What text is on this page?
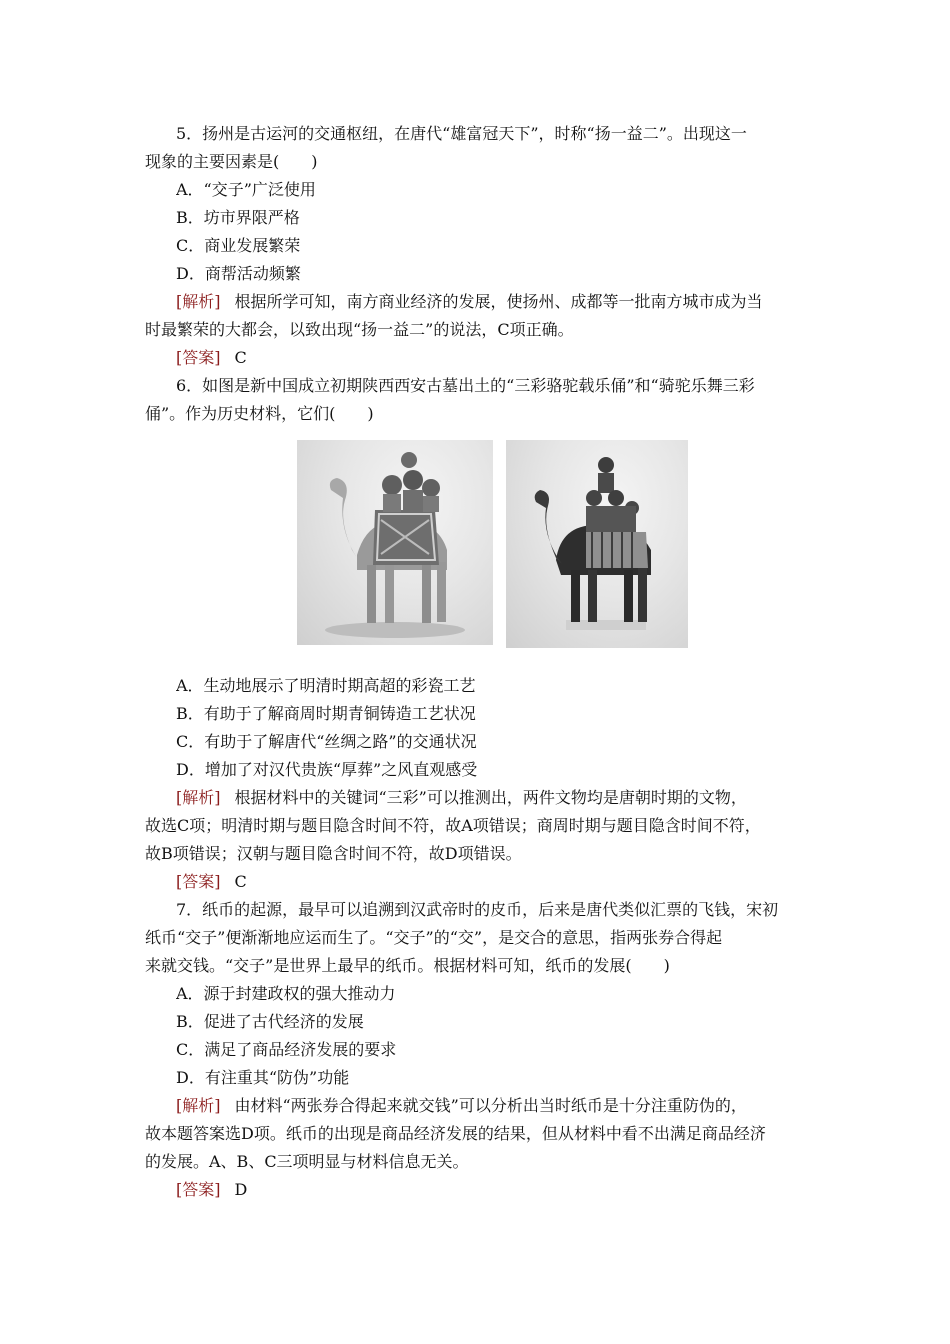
5．扬州是古运河的交通枢纽，在唐代“雄富冠天下”，时称“扬一益二”。出现这一
现象的主要因素是(　　)
A．“交子”广泛使用
B．坊市界限严格
C．商业发展繁荣
D．商帮活动频繁
[解析] 根据所学可知，南方商业经济的发展，使扬州、成都等一批南方城市成为当
时最繁荣的大都会，以致出现“扬一益二”的说法，C项正确。
[答案] C
6．如图是新中国成立初期陕西西安古墓出土的“三彩骆驼载乐俑”和“骑驼乐舞三彩
俑”。作为历史材料，它们(　　)
A．生动地展示了明清时期高超的彩瓷工艺
B．有助于了解商周时期青铜铸造工艺状况
C．有助于了解唐代“丝绸之路”的交通状况
D．增加了对汉代贵族“厚葬”之风直观感受
[解析] 根据材料中的关键词“三彩”可以推测出，两件文物均是唐朝时期的文物，
故选C项；明清时期与题目隐含时间不符，故A项错误；商周时期与题目隐含时间不符，
故B项错误；汉朝与题目隐含时间不符，故D项错误。
[答案] C
7．纸币的起源，最早可以追溯到汉武帝时的皮币，后来是唐代类似汇票的飞钱，宋初
纸币“交子”便渐渐地应运而生了。“交子”的“交”，是交合的意思，指两张券合得起
来就交钱。“交子”是世界上最早的纸币。根据材料可知，纸币的发展(　　)
A．源于封建政权的强大推动力
B．促进了古代经济的发展
C．满足了商品经济发展的要求
D．有注重其“防伪”功能
[解析] 由材料“两张券合得起来就交钱”可以分析出当时纸币是十分注重防伪的，
故本题答案选D项。纸币的出现是商品经济发展的结果，但从材料中看不出满足商品经济
的发展。A、B、C三项明显与材料信息无关。
[答案] D
